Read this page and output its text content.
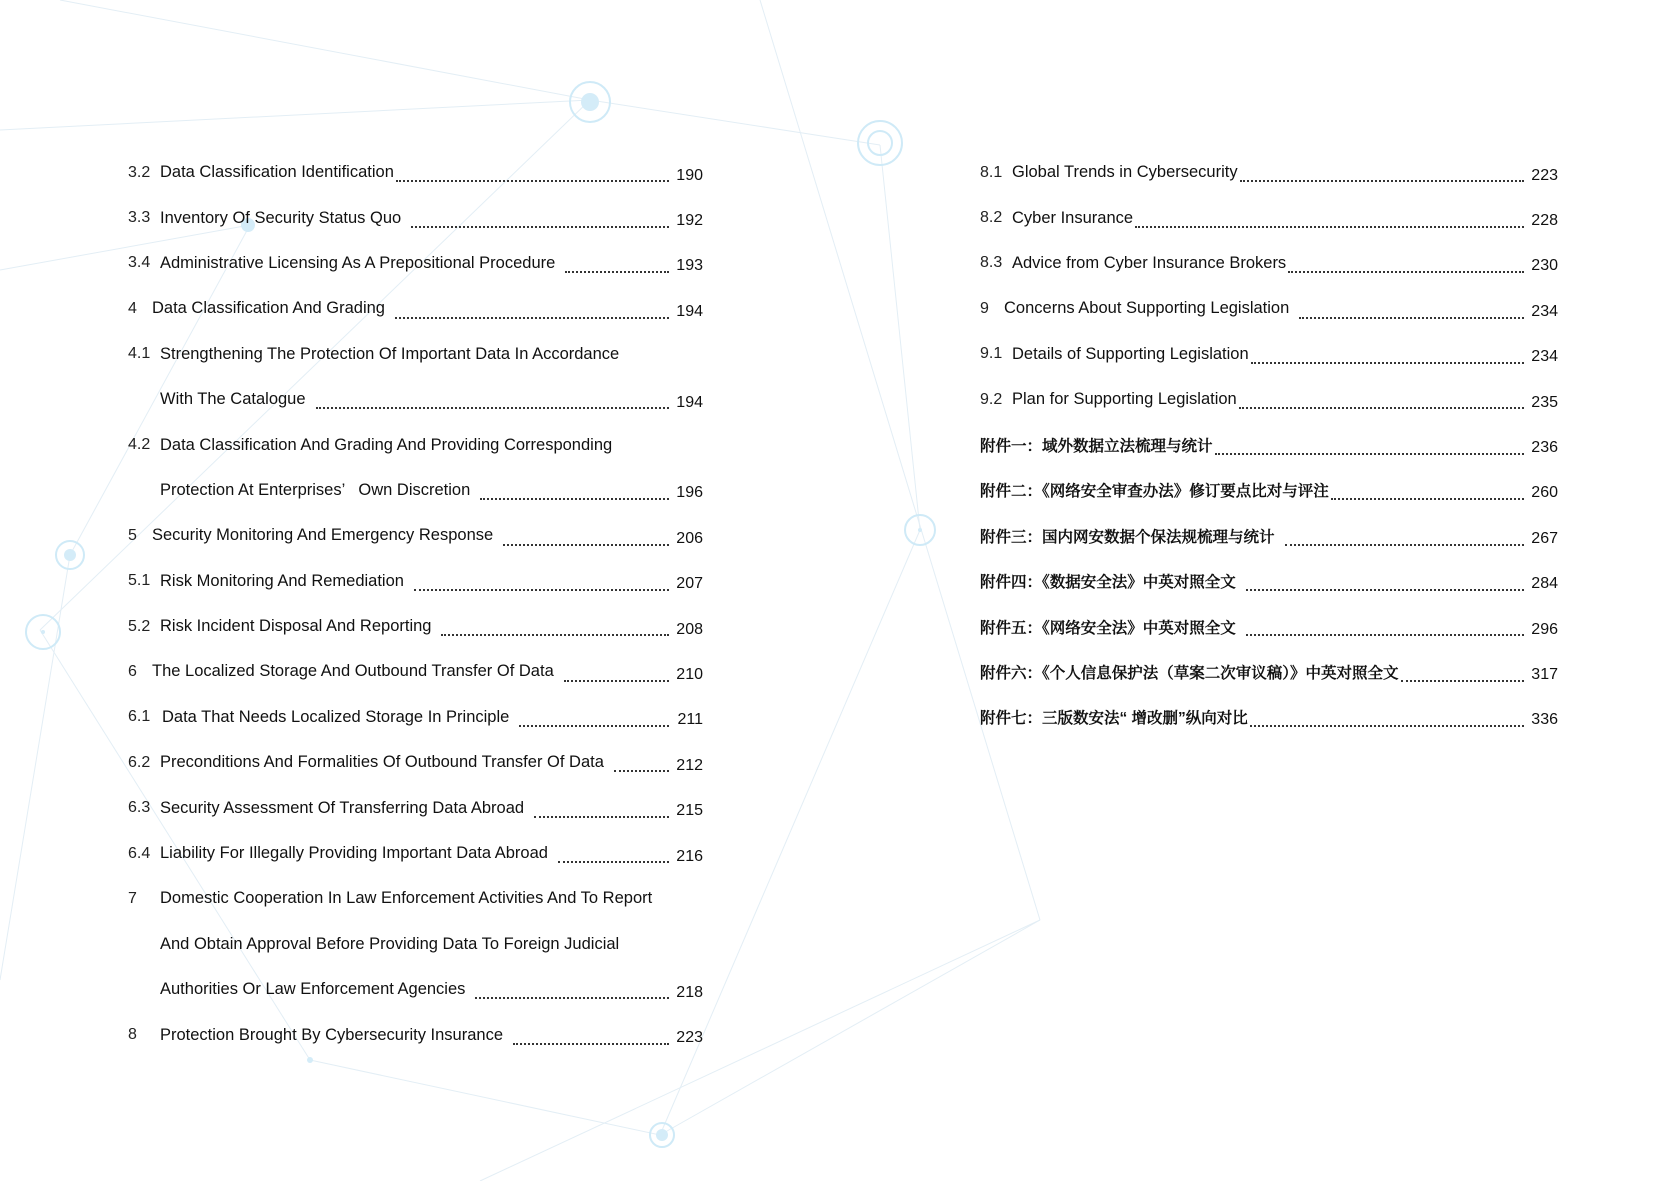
3.2 Data Classification Identification	190
3.3 Inventory Of Security Status Quo	192
3.4 Administrative Licensing As A Prepositional Procedure	193
4 Data Classification And Grading	194
4.1 Strengthening The Protection Of Important Data In Accordance
With The Catalogue	194
4.2 Data Classification And Grading And Providing Corresponding
Protection At Enterprises’   Own Discretion	196
5 Security Monitoring And Emergency Response	206
5.1 Risk Monitoring And Remediation	207
5.2 Risk Incident Disposal And Reporting	208
6 The Localized Storage And Outbound Transfer Of Data	210
6.1 Data That Needs Localized Storage In Principle	211
6.2 Preconditions And Formalities Of Outbound Transfer Of Data	212
6.3 Security Assessment Of Transferring Data Abroad	215
6.4 Liability For Illegally Providing Important Data Abroad	216
7	Domestic Cooperation In Law Enforcement Activities And To Report
And Obtain Approval Before Providing Data To Foreign Judicial
Authorities Or Law Enforcement Agencies	218
8	Protection Brought By Cybersecurity Insurance	223
8.1 Global Trends in Cybersecurity	223
8.2 Cyber Insurance	228
8.3 Advice from Cyber Insurance Brokers	230
9 Concerns About Supporting Legislation	234
9.1 Details of Supporting Legislation	234
9.2 Plan for Supporting Legislation	235
附件一：域外数据立法梳理与统计	236
附件二：《网络安全审查办法》修订要点比对与评注	260
附件三：国内网安数据个保法规梳理与统计	267
附件四：《数据安全法》中英对照全文	284
附件五：《网络安全法》中英对照全文	296
附件六：《个人信息保护法（草案二次审议稿）》中英对照全文	317
附件七：三版数安法“ 增改删”纵向对比	336
